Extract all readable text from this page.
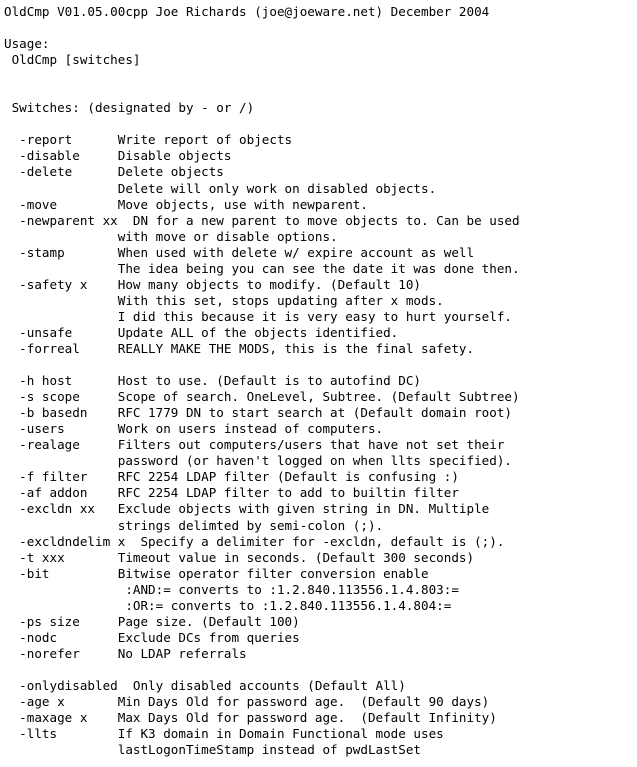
OldCmp V01.05.00cpp Joe Richards (joe@joeware.net) December 2004
Usage:
OldCmp [switches]
Switches: (designated by - or /)
-report      Write report of objects
-disable     Disable objects
-delete      Delete objects
Delete will only work on disabled objects.
-move        Move objects, use with newparent.
-newparent xx  DN for a new parent to move objects to. Can be used
with move or disable options.
-stamp       When used with delete w/ expire account as well
The idea being you can see the date it was done then.
-safety x    How many objects to modify. (Default 10)
With this set, stops updating after x mods.
I did this because it is very easy to hurt yourself.
-unsafe      Update ALL of the objects identified.
-forreal     REALLY MAKE THE MODS, this is the final safety.
-h host      Host to use. (Default is to autofind DC)
-s scope     Scope of search. OneLevel, Subtree. (Default Subtree)
-b basedn    RFC 1779 DN to start search at (Default domain root)
-users       Work on users instead of computers.
-realage     Filters out computers/users that have not set their
password (or haven't logged on when llts specified).
-f filter    RFC 2254 LDAP filter (Default is confusing :)
-af addon    RFC 2254 LDAP filter to add to builtin filter
-excldn xx   Exclude objects with given string in DN. Multiple
strings delimted by semi-colon (;).
-excldndelim x  Specify a delimiter for -excldn, default is (;).
-t xxx       Timeout value in seconds. (Default 300 seconds)
-bit         Bitwise operator filter conversion enable
:AND:= converts to :1.2.840.113556.1.4.803:=
:OR:= converts to :1.2.840.113556.1.4.804:=
-ps size     Page size. (Default 100)
-nodc        Exclude DCs from queries
-norefer     No LDAP referrals
-onlydisabled  Only disabled accounts (Default All)
-age x       Min Days Old for password age.  (Default 90 days)
-maxage x    Max Days Old for password age.  (Default Infinity)
-llts        If K3 domain in Domain Functional mode uses
lastLogonTimeStamp instead of pwdLastSet
